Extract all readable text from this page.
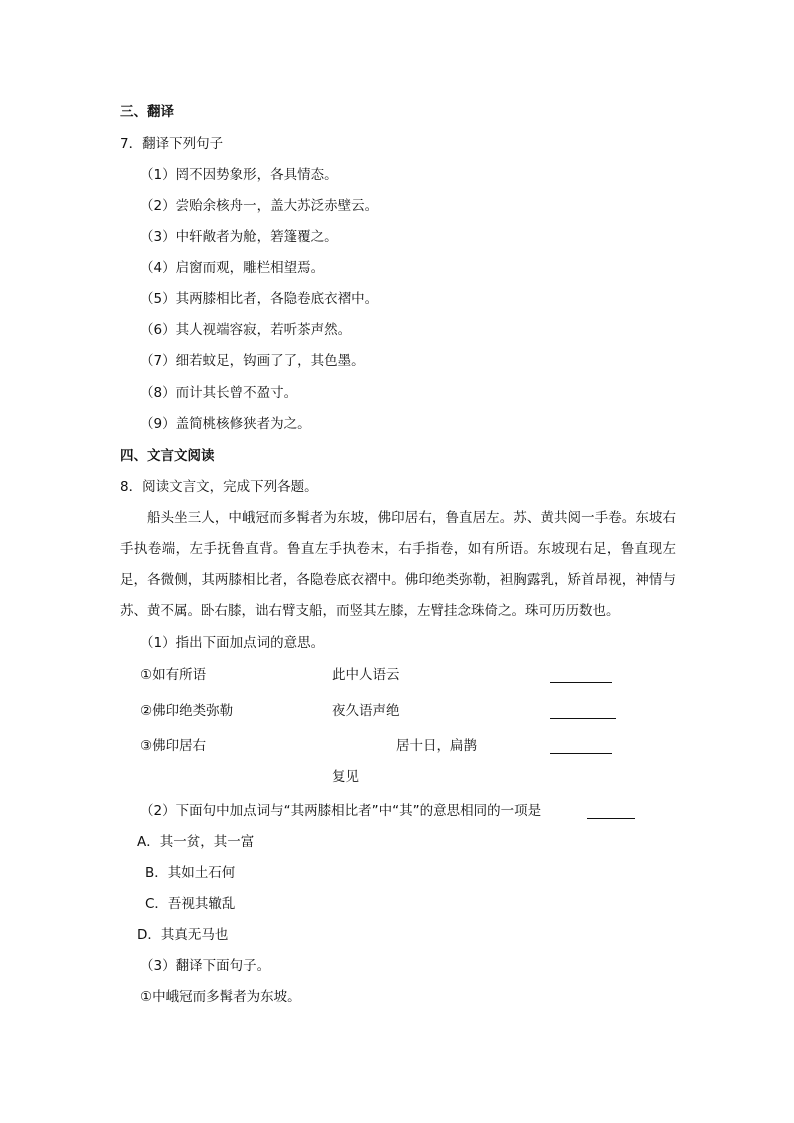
三、翻译
7．翻译下列句子
（1）罔不因势象形，各具情态。
（2）尝贻余核舟一，盖大苏泛赤壁云。
（3）中轩敞者为舱，箬篷覆之。
（4）启窗而观，雕栏相望焉。
（5）其两膝相比者，各隐卷底衣褶中。
（6）其人视端容寂，若听茶声然。
（7）细若蚊足，钩画了了，其色墨。
（8）而计其长曾不盈寸。
（9）盖简桃核修狭者为之。
四、文言文阅读
8．阅读文言文，完成下列各题。
船头坐三人，中峨冠而多髯者为东坡，佛印居右，鲁直居左。苏、黄共阅一手卷。东坡右手执卷端，左手抚鲁直背。鲁直左手执卷末，右手指卷，如有所语。东坡现右足，鲁直现左足，各微侧，其两膝相比者，各隐卷底衣褶中。佛印绝类弥勒，袒胸露乳，矫首昂视，神情与苏、黄不属。卧右膝，诎右臂支船，而竖其左膝，左臂挂念珠倚之。珠可历历数也。
（1）指出下面加点词的意思。
①如有所语	此中人语云
②佛印绝类弥勒	夜久语声绝
③佛印居右	居十日，扁鹊
复见
（2）下面句中加点词与“其两膝相比者”中“其”的意思相同的一项是
A．其一贫，其一富
B．其如土石何
C．吾视其辙乱
D．其真无马也
（3）翻译下面句子。
①中峨冠而多髯者为东坡。
